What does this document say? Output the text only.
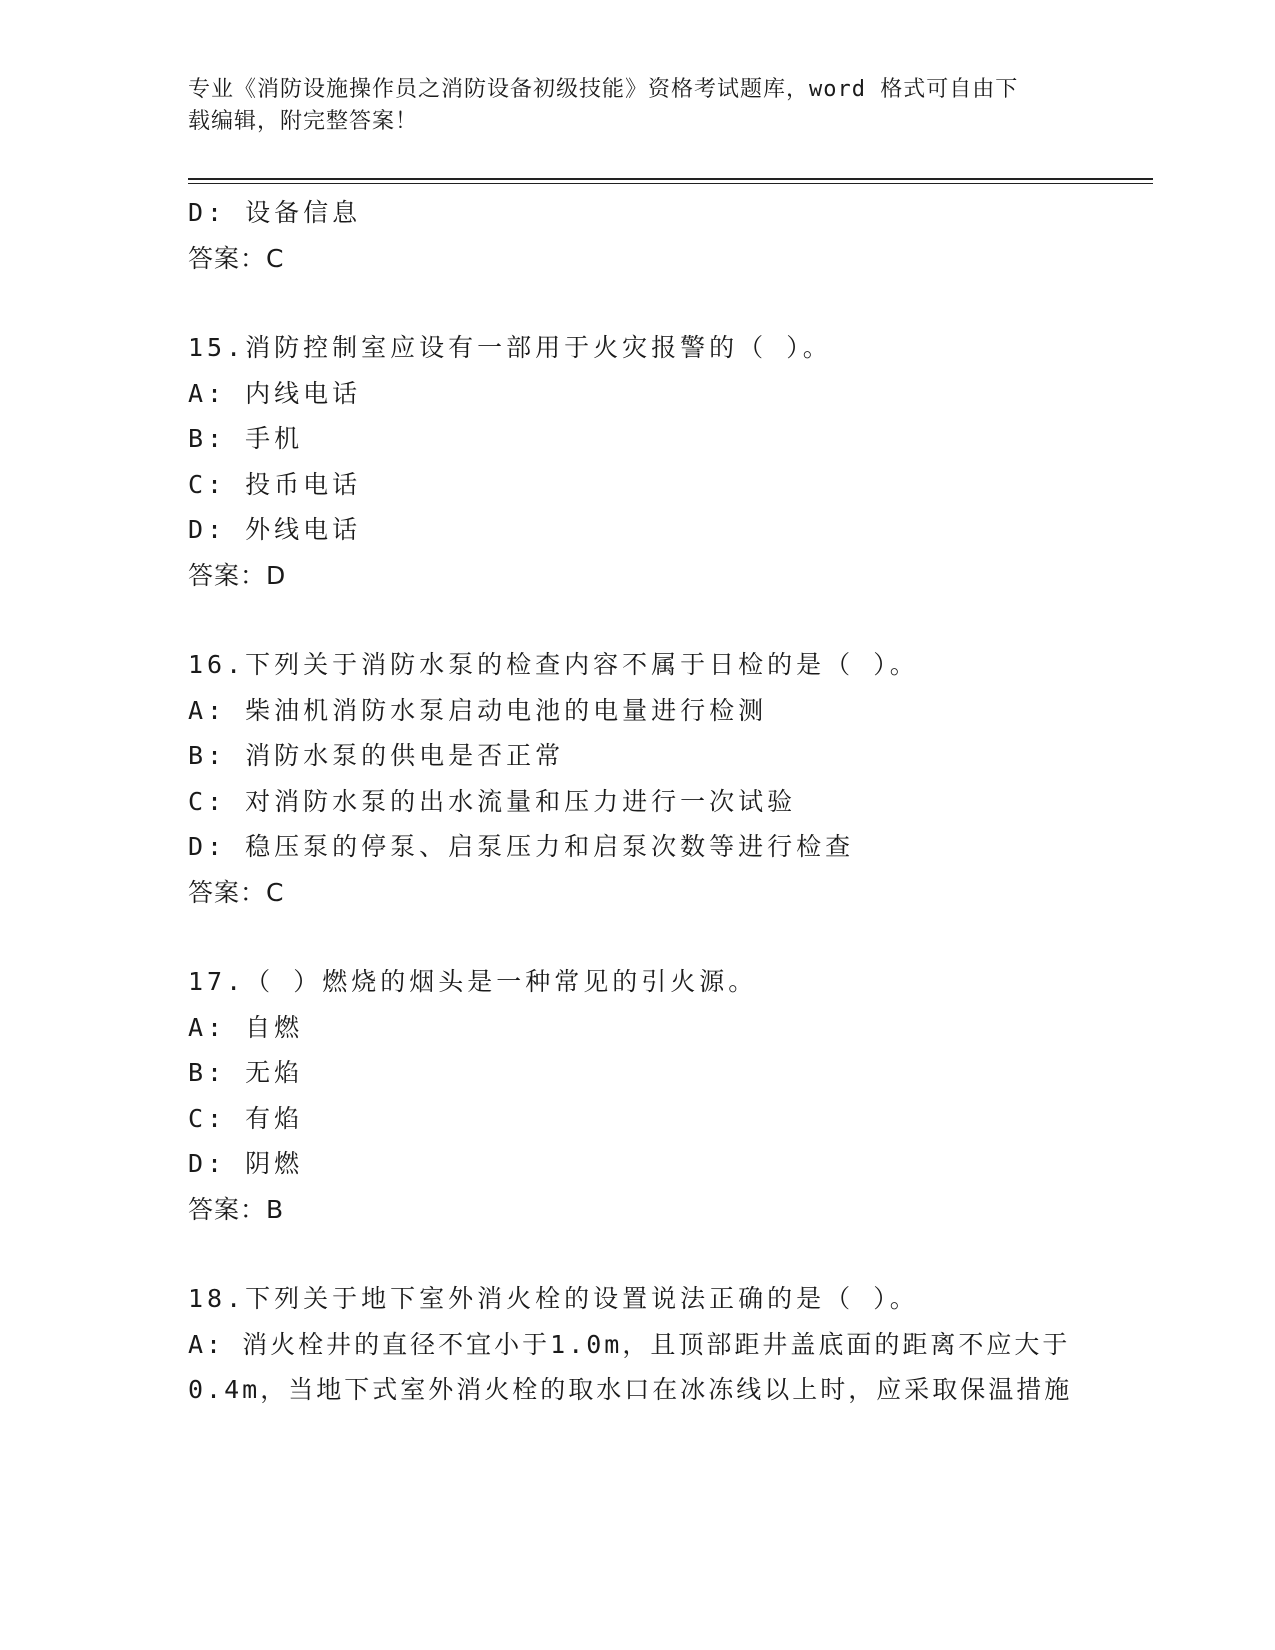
专业《消防设施操作员之消防设备初级技能》资格考试题库，word 格式可自由下
载编辑，附完整答案！
D: 设备信息
答案：C
15.消防控制室应设有一部用于火灾报警的（ ）。
A: 内线电话
B: 手机
C: 投币电话
D: 外线电话
答案：D
16.下列关于消防水泵的检查内容不属于日检的是（ ）。
A: 柴油机消防水泵启动电池的电量进行检测
B: 消防水泵的供电是否正常
C: 对消防水泵的出水流量和压力进行一次试验
D: 稳压泵的停泵、启泵压力和启泵次数等进行检查
答案：C
17.（ ）燃烧的烟头是一种常见的引火源。
A: 自燃
B: 无焰
C: 有焰
D: 阴燃
答案：B
18.下列关于地下室外消火栓的设置说法正确的是（ ）。
A: 消火栓井的直径不宜小于1.0m，且顶部距井盖底面的距离不应大于0.4m，当地下式室外消火栓的取水口在冰冻线以上时，应采取保温措施
